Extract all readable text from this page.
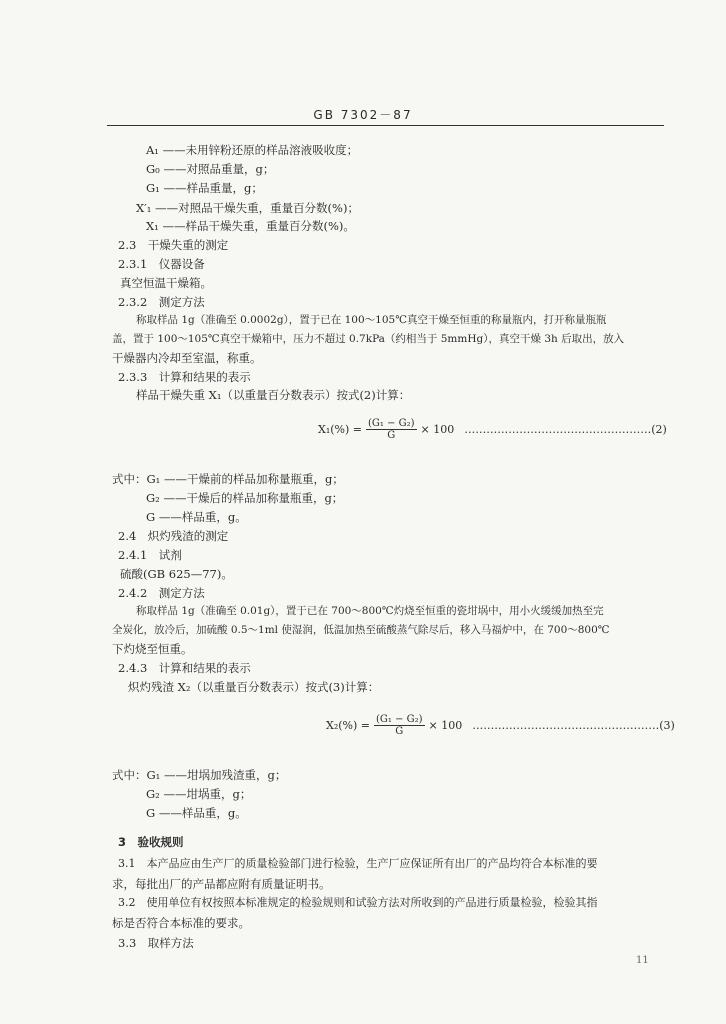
GB 7302－87
A₁ ——未用锌粉还原的样品溶液吸收度；
G₀ ——对照品重量，g；
G₁ ——样品重量，g；
X′₁ ——对照品干燥失重，重量百分数(%)；
X₁ ——样品干燥失重，重量百分数(%)。
2.3　干燥失重的测定
2.3.1　仪器设备
真空恒温干燥箱。
2.3.2　测定方法
称取样品 1g（准确至 0.0002g），置于已在 100～105℃真空干燥至恒重的称量瓶内，打开称量瓶瓶
盖，置于 100～105℃真空干燥箱中，压力不超过 0.7kPa（约相当于 5mmHg），真空干燥 3h 后取出，放入
干燥器内冷却至室温，称重。
2.3.3　计算和结果的表示
样品干燥失重 X₁（以重量百分数表示）按式(2)计算：
$X_1(\%) = \frac{\text{(G₁ − G₂)}}{G} \times 100$ ……………………………………………(2)
式中：G₁ ——干燥前的样品加称量瓶重，g；
G₂ ——干燥后的样品加称量瓶重，g；
G ——样品重，g。
2.4　炽灼残渣的测定
2.4.1　试剂
硫酸(GB 625—77)。
2.4.2　测定方法
称取样品 1g（准确至 0.01g），置于已在 700～800℃灼烧至恒重的瓷坩埚中，用小火缓缓加热至完
全炭化，放冷后，加硫酸 0.5～1ml 使湿润，低温加热至硫酸蒸气除尽后，移入马福炉中，在 700～800℃
下灼烧至恒重。
2.4.3　计算和结果的表示
炽灼残渣 X₂（以重量百分数表示）按式(3)计算：
$X_2(\%) = \frac{\text{(G₁ − G₂)}}{G} \times 100$ ……………………………………………(3)
式中：G₁ ——坩埚加残渣重，g；
G₂ ——坩埚重，g；
G ——样品重，g。
3　验收规则
3.1　本产品应由生产厂的质量检验部门进行检验，生产厂应保证所有出厂的产品均符合本标准的要
求，每批出厂的产品都应附有质量证明书。
3.2　使用单位有权按照本标准规定的检验规则和试验方法对所收到的产品进行质量检验，检验其指
标是否符合本标准的要求。
3.3　取样方法
11
